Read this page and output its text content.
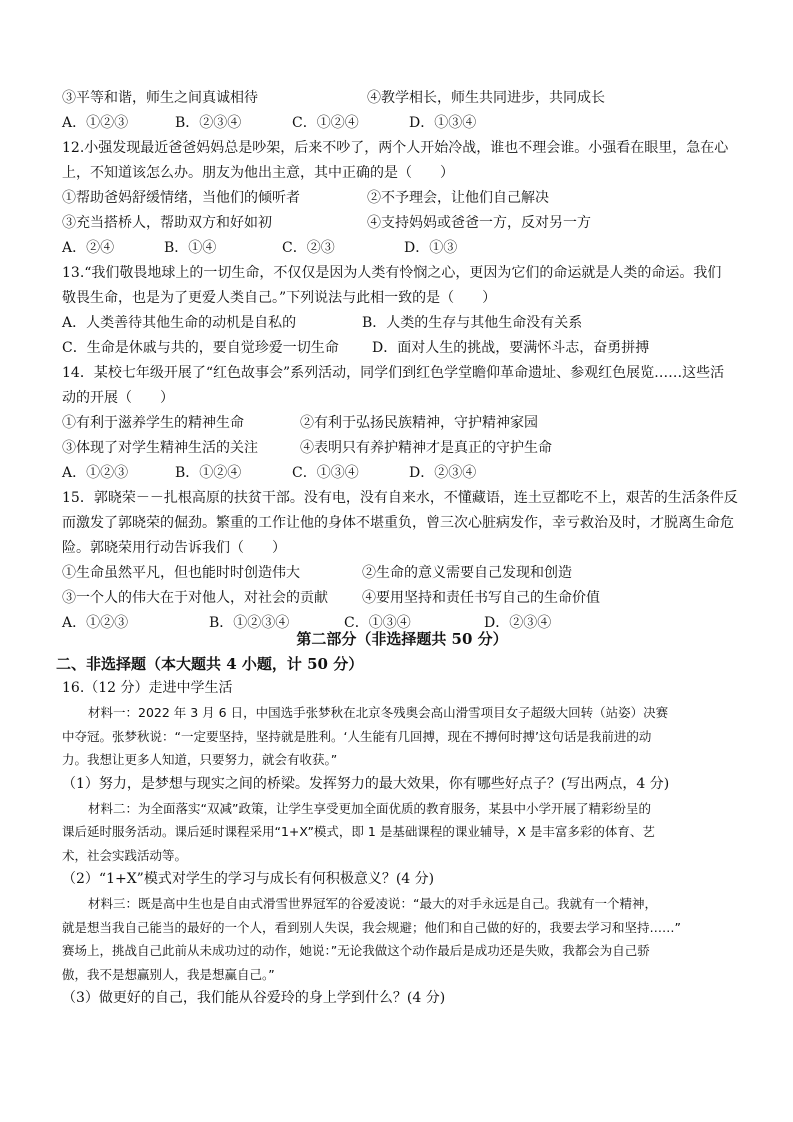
③平等和谐，师生之间真诚相待	④教学相长，师生共同进步，共同成长
A．①②③	B．②③④	C．①②④	D．①③④
12.小强发现最近爸爸妈妈总是吵架，后来不吵了，两个人开始冷战，谁也不理会谁。小强看在眼里，急在心
上，不知道该怎么办。朋友为他出主意，其中正确的是（　　）
①帮助爸妈舒缓情绪，当他们的倾听者	②不予理会，让他们自己解决
③充当搭桥人，帮助双方和好如初	④支持妈妈或爸爸一方，反对另一方
A．②④	B．①④	C．②③	D．①③
13.“我们敬畏地球上的一切生命，不仅仅是因为人类有怜悯之心，更因为它们的命运就是人类的命运。我们
敬畏生命，也是为了更爱人类自己。”下列说法与此相一致的是（　　）
A．人类善待其他生命的动机是自私的	B．人类的生存与其他生命没有关系
C．生命是休戚与共的，要自觉珍爱一切生命	D．面对人生的挑战，要满怀斗志，奋勇拼搏
14．某校七年级开展了“红色故事会”系列活动，同学们到红色学堂瞻仰革命遗址、参观红色展览……这些活
动的开展（　　）
①有利于滋养学生的精神生命	②有利于弘扬民族精神，守护精神家园
③体现了对学生精神生活的关注	④表明只有养护精神才是真正的守护生命
A．①②③	B．①②④	C．①③④	D．②③④
15．郭晓荣－－扎根高原的扶贫干部。没有电，没有自来水，不懂藏语，连土豆都吃不上，艰苦的生活条件反
而激发了郭晓荣的倔劲。繁重的工作让他的身体不堪重负，曾三次心脏病发作，幸亏救治及时，才脱离生命危
险。郭晓荣用行动告诉我们（　　）
①生命虽然平凡，但也能时时创造伟大	②生命的意义需要自己发现和创造
③一个人的伟大在于对他人，对社会的贡献	④要用坚持和责任书写自己的生命价值
A．①②③	B．①②③④	C．①③④	D．②③④
第二部分（非选择题共 50 分）
二、非选择题（本大题共 4 小题，计 50 分）
16.（12 分）走进中学生活
材料一：2022 年 3 月 6 日，中国选手张梦秋在北京冬残奥会高山滑雪项目女子超级大回转（站姿）决赛
中夺冠。张梦秋说：“一定要坚持，坚持就是胜利。‘人生能有几回搏，现在不搏何时搏’这句话是我前进的动
力。我想让更多人知道，只要努力，就会有收获。”
（1）努力，是梦想与现实之间的桥梁。发挥努力的最大效果，你有哪些好点子？(写出两点，4 分)
材料二：为全面落实“双减”政策，让学生享受更加全面优质的教育服务，某县中小学开展了精彩纷呈的
课后延时服务活动。课后延时课程采用“1+X”模式，即 1 是基础课程的课业辅导，X 是丰富多彩的体育、艺
术，社会实践活动等。
（2）“1+X”模式对学生的学习与成长有何积极意义？(4 分)
材料三：既是高中生也是自由式滑雪世界冠军的谷爱凌说：“最大的对手永远是自己。我就有一个精神，
就是想当我自己能当的最好的一个人，看到别人失误，我会规避；他们和自己做的好的，我要去学习和坚持……”
赛场上，挑战自己此前从未成功过的动作，她说：”无论我做这个动作最后是成功还是失败，我都会为自己骄
傲，我不是想赢别人，我是想赢自己。”
（3）做更好的自己，我们能从谷爱玲的身上学到什么？(4 分)
